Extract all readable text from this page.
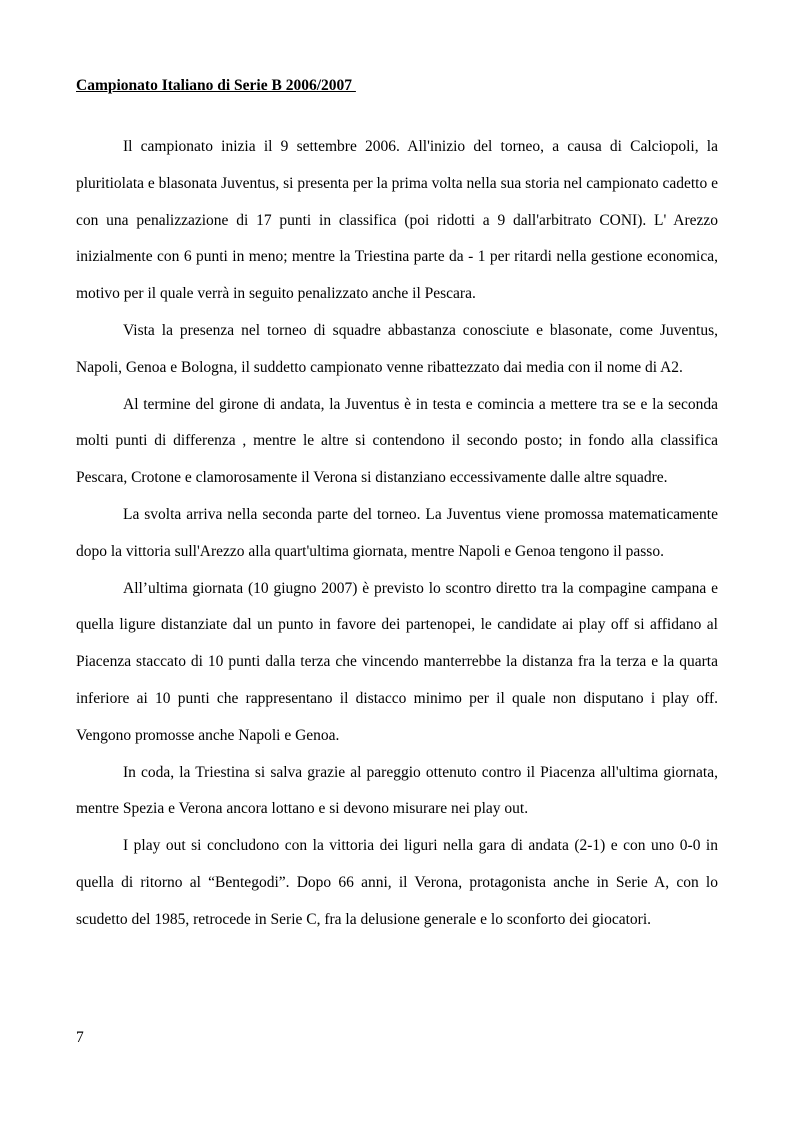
Campionato Italiano di Serie B 2006/2007

Il campionato inizia il 9 settembre 2006. All'inizio del torneo, a causa di Calciopoli, la pluritiolata e blasonata Juventus, si presenta per la prima volta nella sua storia nel campionato cadetto e con una penalizzazione di 17 punti in classifica (poi ridotti a 9 dall'arbitrato CONI). L' Arezzo inizialmente con 6 punti in meno; mentre la Triestina parte da - 1 per ritardi nella gestione economica, motivo per il quale verrà in seguito penalizzato anche il Pescara.

Vista la presenza nel torneo di squadre abbastanza conosciute e blasonate, come Juventus, Napoli, Genoa e Bologna, il suddetto campionato venne ribattezzato dai media con il nome di A2.

Al termine del girone di andata, la Juventus è in testa e comincia a mettere tra se e la seconda molti punti di differenza , mentre le altre si contendono il secondo posto; in fondo alla classifica Pescara, Crotone e clamorosamente il Verona si distanziano eccessivamente dalle altre squadre.

La svolta arriva nella seconda parte del torneo. La Juventus viene promossa matematicamente dopo la vittoria sull'Arezzo alla quart'ultima giornata, mentre Napoli e Genoa tengono il passo.

All’ultima giornata (10 giugno 2007) è previsto lo scontro diretto tra la compagine campana e quella ligure distanziate dal un punto in favore dei partenopei, le candidate ai play off si affidano al Piacenza staccato di 10 punti dalla terza che vincendo manterrebbe la distanza fra la terza e la quarta inferiore ai 10 punti che rappresentano il distacco minimo per il quale non disputano i play off. Vengono promosse anche Napoli e Genoa.

In coda, la Triestina si salva grazie al pareggio ottenuto contro il Piacenza all'ultima giornata, mentre Spezia e Verona ancora lottano e si devono misurare nei play out.

I play out si concludono con la vittoria dei liguri nella gara di andata (2-1) e con uno 0-0 in quella di ritorno al “Bentegodi”. Dopo 66 anni, il Verona, protagonista anche in Serie A, con lo scudetto del 1985, retrocede in Serie C, fra la delusione generale e lo sconforto dei giocatori.

7
